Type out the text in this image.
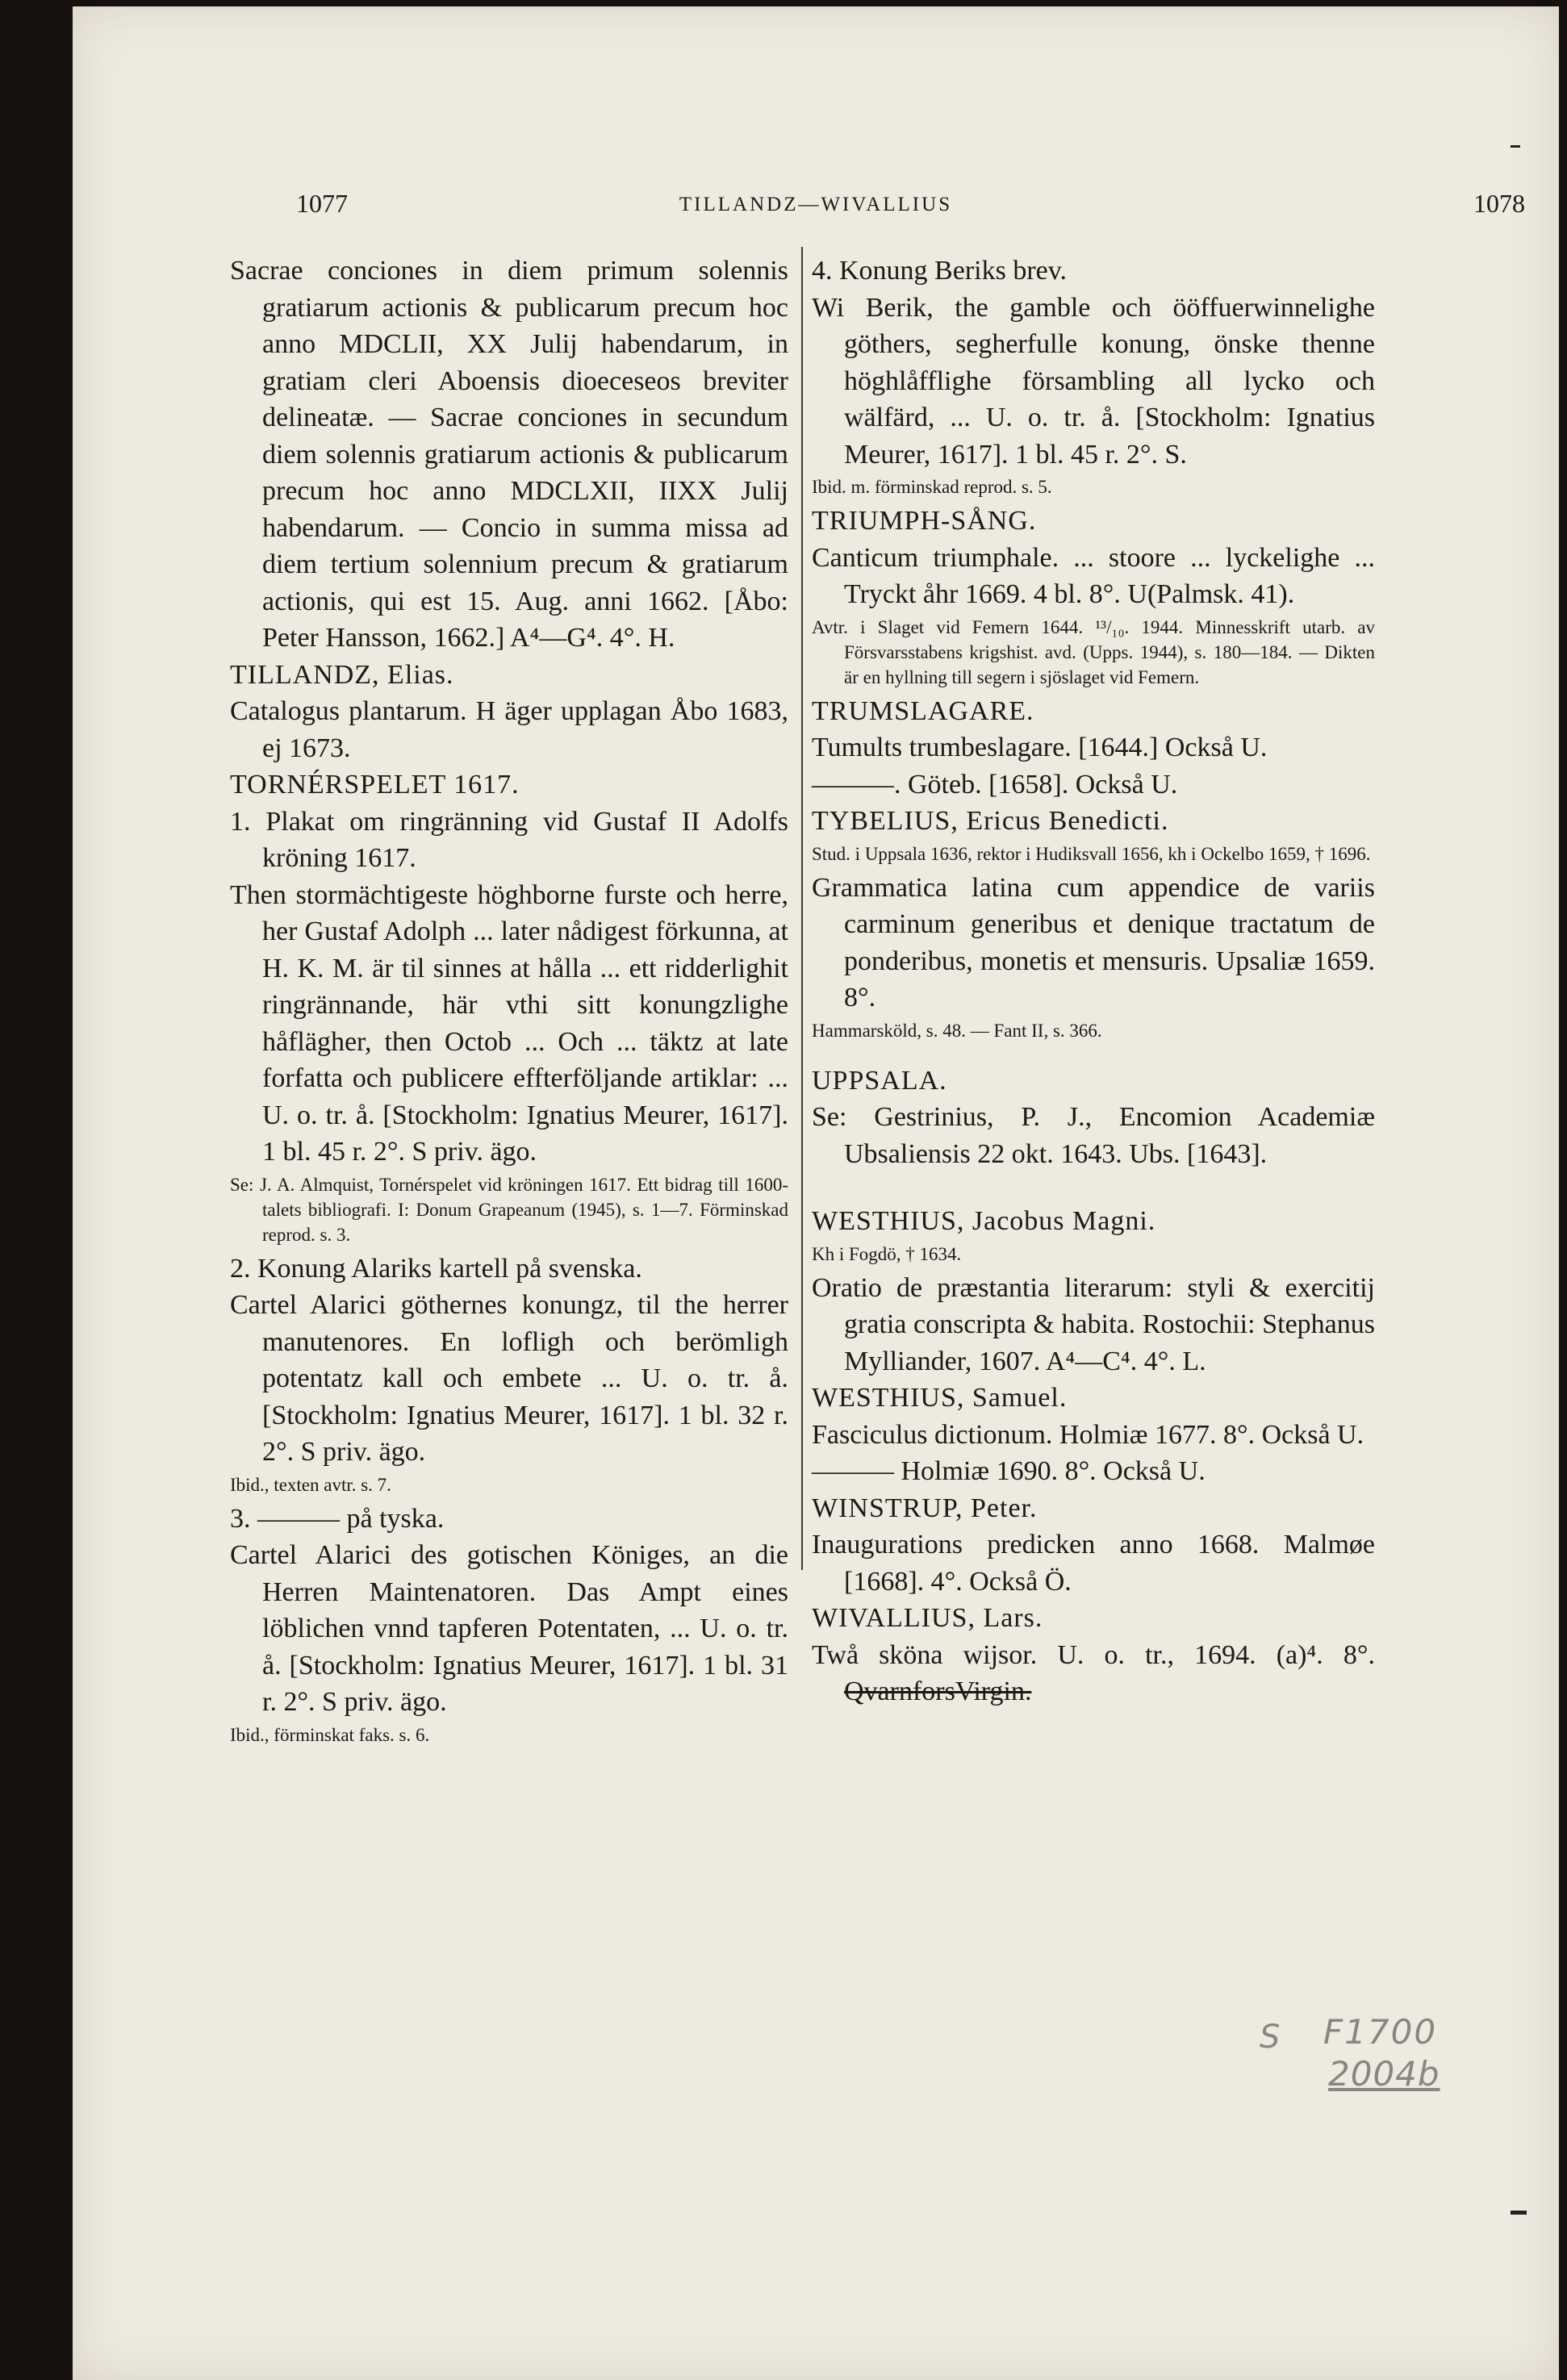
1077	TILLANDZ—WIVALLIUS	1078

Sacrae conciones in diem primum solennis gratiarum actionis & publicarum precum hoc anno MDCLII, XX Julij habendarum, in gratiam cleri Aboensis dioeceseos breviter delineatæ. — Sacrae conciones in secundum diem solennis gratiarum actionis & publicarum precum hoc anno MDCLXII, IIXX Julij habendarum. — Concio in summa missa ad diem tertium solennium precum & gratiarum actionis, qui est 15. Aug. anni 1662. [Åbo: Peter Hansson, 1662.] A⁴—G⁴. 4°. H.

TILLANDZ, Elias.

Catalogus plantarum. H äger upplagan Åbo 1683, ej 1673.

TORNÉRSPELET 1617.

1. Plakat om ringränning vid Gustaf II Adolfs kröning 1617.

Then stormächtigeste höghborne furste och herre, her Gustaf Adolph ... later nådigest förkunna, at H. K. M. är til sinnes at hålla ... ett ridderlighit ringrännande, här vthi sitt konungzlighe håflägher, then Octob ... Och ... täktz at late forfatta och publicere effterföljande artiklar: ... U. o. tr. å. [Stockholm: Ignatius Meurer, 1617]. 1 bl. 45 r. 2°. S priv. ägo.

Se: J. A. Almquist, Tornérspelet vid kröningen 1617. Ett bidrag till 1600-talets bibliografi. I: Donum Grapeanum (1945), s. 1—7. Förminskad reprod. s. 3.

2. Konung Alariks kartell på svenska.

Cartel Alarici göthernes konungz, til the herrer manutenores. En lofligh och berömligh potentatz kall och embete ... U. o. tr. å. [Stockholm: Ignatius Meurer, 1617]. 1 bl. 32 r. 2°. S priv. ägo.

Ibid., texten avtr. s. 7.

3. ——— på tyska.

Cartel Alarici des gotischen Königes, an die Herren Maintenatoren. Das Ampt eines löblichen vnnd tapferen Potentaten, ... U. o. tr. å. [Stockholm: Ignatius Meurer, 1617]. 1 bl. 31 r. 2°. S priv. ägo.

Ibid., förminskat faks. s. 6.

4. Konung Beriks brev.

Wi Berik, the gamble och ööffuerwinnelighe göthers, segherfulle konung, önske thenne höghlåfflighe försambling all lycko och wälfärd, ... U. o. tr. å. [Stockholm: Ignatius Meurer, 1617]. 1 bl. 45 r. 2°. S.

Ibid. m. förminskad reprod. s. 5.

TRIUMPH-SÅNG.

Canticum triumphale. ... stoore ... lyckelighe ... Tryckt åhr 1669. 4 bl. 8°. U(Palmsk. 41).

Avtr. i Slaget vid Femern 1644. ¹³/₁₀. 1944. Minnesskrift utarb. av Försvarsstabens krigshist. avd. (Upps. 1944), s. 180—184. — Dikten är en hyllning till segern i sjöslaget vid Femern.

TRUMSLAGARE.

Tumults trumbeslagare. [1644.] Också U.

———. Göteb. [1658]. Också U.

TYBELIUS, Ericus Benedicti.

Stud. i Uppsala 1636, rektor i Hudiksvall 1656, kh i Ockelbo 1659, † 1696.

Grammatica latina cum appendice de variis carminum generibus et denique tractatum de ponderibus, monetis et mensuris. Upsaliæ 1659. 8°.

Hammarsköld, s. 48. — Fant II, s. 366.

UPPSALA.

Se: Gestrinius, P. J., Encomion Academiæ Ubsaliensis 22 okt. 1643. Ubs. [1643].

WESTHIUS, Jacobus Magni.

Kh i Fogdö, † 1634.

Oratio de præstantia literarum: styli & exercitij gratia conscripta & habita. Rostochii: Stephanus Mylliander, 1607. A⁴—C⁴. 4°. L.

WESTHIUS, Samuel.

Fasciculus dictionum. Holmiæ 1677. 8°. Också U.

——— Holmiæ 1690. 8°. Också U.

WINSTRUP, Peter.

Inaugurations predicken anno 1668. Malmøe [1668]. 4°. Också Ö.

WIVALLIUS, Lars.

Twå sköna wijsor. U. o. tr., 1694. (a)⁴. 8°. QvarnforsVirgin.

S F1700
2004b
